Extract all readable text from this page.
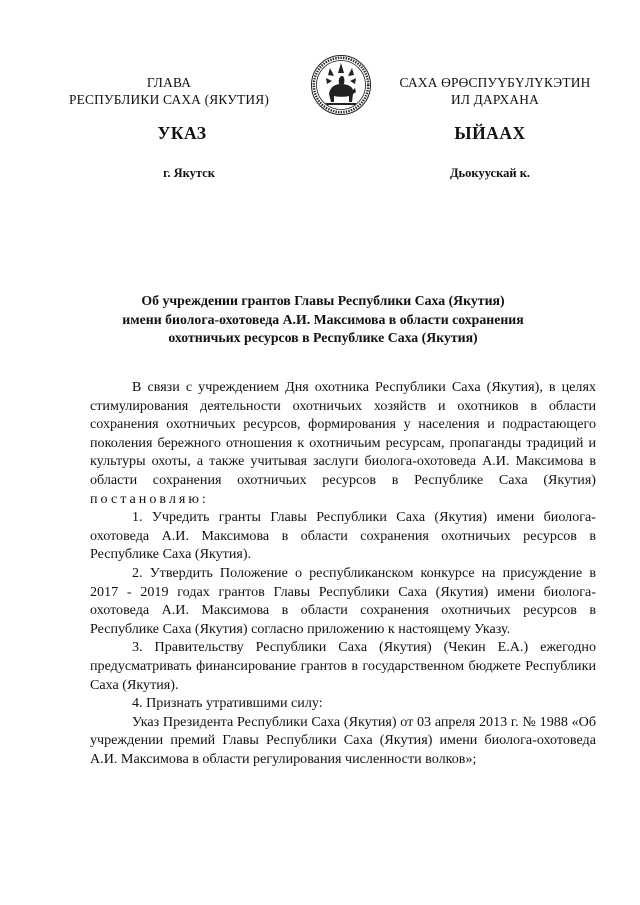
ГЛАВА
РЕСПУБЛИКИ САХА (ЯКУТИЯ)
САХА ӨРӨСПУҮБҮЛҮКЭТИН
ИЛ ДАРХАНА
УКАЗ	ЫЙААХ
г. Якутск	Дьокуускай к.
Об учреждении грантов Главы Республики Саха (Якутия)
имени биолога-охотоведа А.И. Максимова в области сохранения
охотничьих ресурсов в Республике Саха (Якутия)

В связи с учреждением Дня охотника Республики Саха (Якутия), в целях стимулирования деятельности охотничьих хозяйств и охотников в области сохранения охотничьих ресурсов, формирования у населения и подрастающего поколения бережного отношения к охотничьим ресурсам, пропаганды традиций и культуры охоты, а также учитывая заслуги биолога-охотоведа А.И. Максимова в области сохранения охотничьих ресурсов в Республике Саха (Якутия) постановляю:

1. Учредить гранты Главы Республики Саха (Якутия) имени биолога-охотоведа А.И. Максимова в области сохранения охотничьих ресурсов в Республике Саха (Якутия).

2. Утвердить Положение о республиканском конкурсе на присуждение в 2017 - 2019 годах грантов Главы Республики Саха (Якутия) имени биолога-охотоведа А.И. Максимова в области сохранения охотничьих ресурсов в Республике Саха (Якутия) согласно приложению к настоящему Указу.

3. Правительству Республики Саха (Якутия) (Чекин Е.А.) ежегодно предусматривать финансирование грантов в государственном бюджете Республики Саха (Якутия).

4. Признать утратившими силу:

Указ Президента Республики Саха (Якутия) от 03 апреля 2013 г. № 1988 «Об учреждении премий Главы Республики Саха (Якутия) имени биолога-охотоведа А.И. Максимова в области регулирования численности волков»;
